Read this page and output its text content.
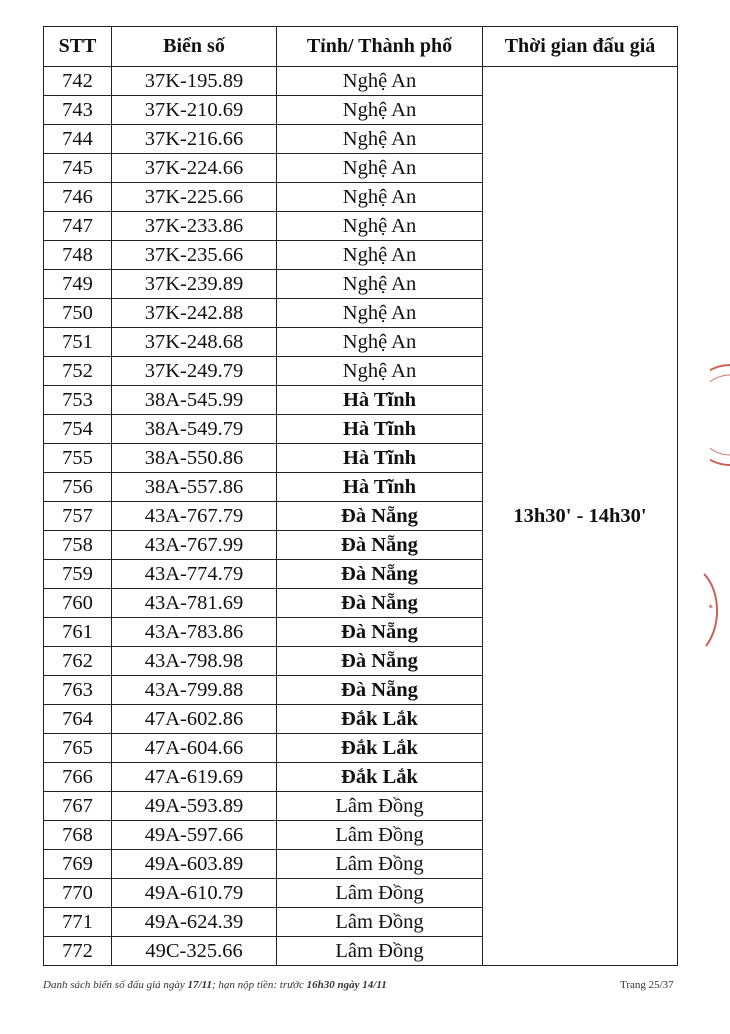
STT	Biển số	Tỉnh/ Thành phố	Thời gian đấu giá
742	37K-195.89	Nghệ An	13h30' - 14h30'
743	37K-210.69	Nghệ An	
744	37K-216.66	Nghệ An	
745	37K-224.66	Nghệ An	
746	37K-225.66	Nghệ An	
747	37K-233.86	Nghệ An	
748	37K-235.66	Nghệ An	
749	37K-239.89	Nghệ An	
750	37K-242.88	Nghệ An	
751	37K-248.68	Nghệ An	
752	37K-249.79	Nghệ An	
753	38A-545.99	Hà Tĩnh	
754	38A-549.79	Hà Tĩnh	
755	38A-550.86	Hà Tĩnh	
756	38A-557.86	Hà Tĩnh	
757	43A-767.79	Đà Nẵng	
758	43A-767.99	Đà Nẵng	
759	43A-774.79	Đà Nẵng	
760	43A-781.69	Đà Nẵng	
761	43A-783.86	Đà Nẵng	
762	43A-798.98	Đà Nẵng	
763	43A-799.88	Đà Nẵng	
764	47A-602.86	Đắk Lắk	
765	47A-604.66	Đắk Lắk	
766	47A-619.69	Đắk Lắk	
767	49A-593.89	Lâm Đồng	
768	49A-597.66	Lâm Đồng	
769	49A-603.89	Lâm Đồng	
770	49A-610.79	Lâm Đồng	
771	49A-624.39	Lâm Đồng	
772	49C-325.66	Lâm Đồng	
Danh sách biển số đấu giá ngày 17/11; hạn nộp tiền: trước 16h30 ngày 14/11	Trang 25/37
